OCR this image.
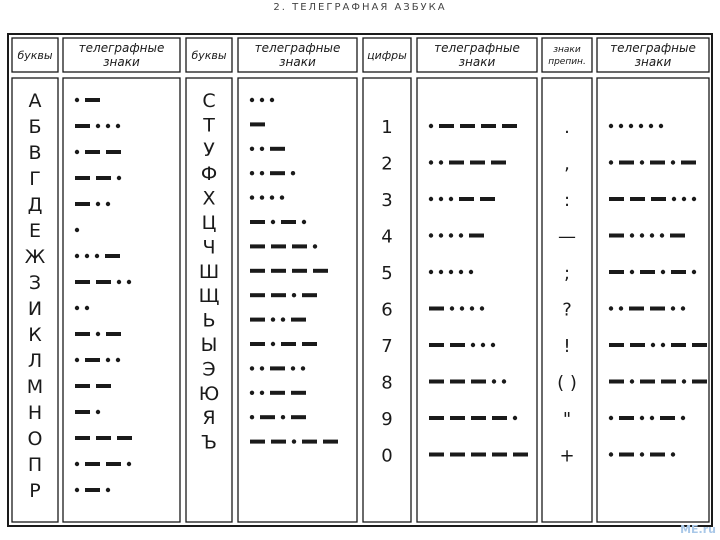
2. ТЕЛЕГРАФНАЯ АЗБУКА
буквы
телеграфные знаки
А
Б
В
Г
Д
Е
Ж
З
И
К
Л
М
Н
О
П
Р
буквы
телеграфные знаки
С
Т
У
Ф
Х
Ц
Ч
Ш
Щ
Ь
Ы
Э
Ю
Я
Ъ
цифры
телеграфные знаки
1
2
3
4
5
6
7
8
9
0
знаки препин.
телеграфные знаки
.
,
:
—
;
?
!
( )
"
+
ME.ru
